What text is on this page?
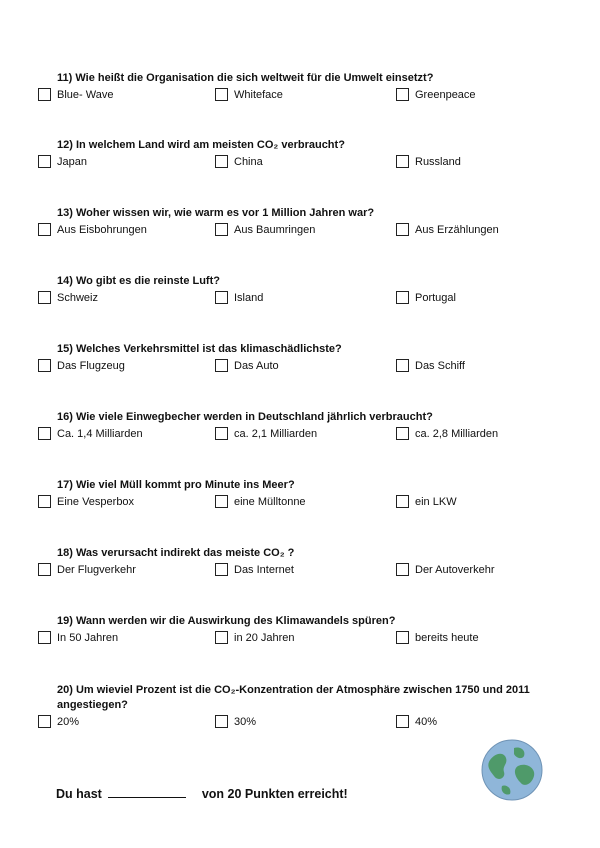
11) Wie heißt die Organisation die sich weltweit für die Umwelt einsetzt?
Blue- Wave	Whiteface	Greenpeace
12) In welchem Land wird am meisten CO₂ verbraucht?
Japan	China	Russland
13) Woher wissen wir, wie warm es vor 1 Million Jahren war?
Aus Eisbohrungen	Aus Baumringen	Aus Erzählungen
14) Wo gibt es die reinste Luft?
Schweiz	Island	Portugal
15) Welches Verkehrsmittel ist das klimaschädlichste?
Das Flugzeug	Das Auto	Das Schiff
16) Wie viele Einwegbecher werden in Deutschland jährlich verbraucht?
Ca. 1,4 Milliarden	ca. 2,1 Milliarden	ca. 2,8 Milliarden
17) Wie viel Müll kommt pro Minute ins Meer?
Eine Vesperbox	eine Mülltonne	ein LKW
18) Was verursacht indirekt das meiste CO₂ ?
Der Flugverkehr	Das Internet	Der Autoverkehr
19) Wann werden wir die Auswirkung des Klimawandels spüren?
In 50 Jahren	in 20 Jahren	bereits heute
20) Um wieviel Prozent ist die CO₂-Konzentration der Atmosphäre zwischen 1750 und 2011
angestiegen?
20%	30%	40%
Du hast	von 20 Punkten erreicht!
